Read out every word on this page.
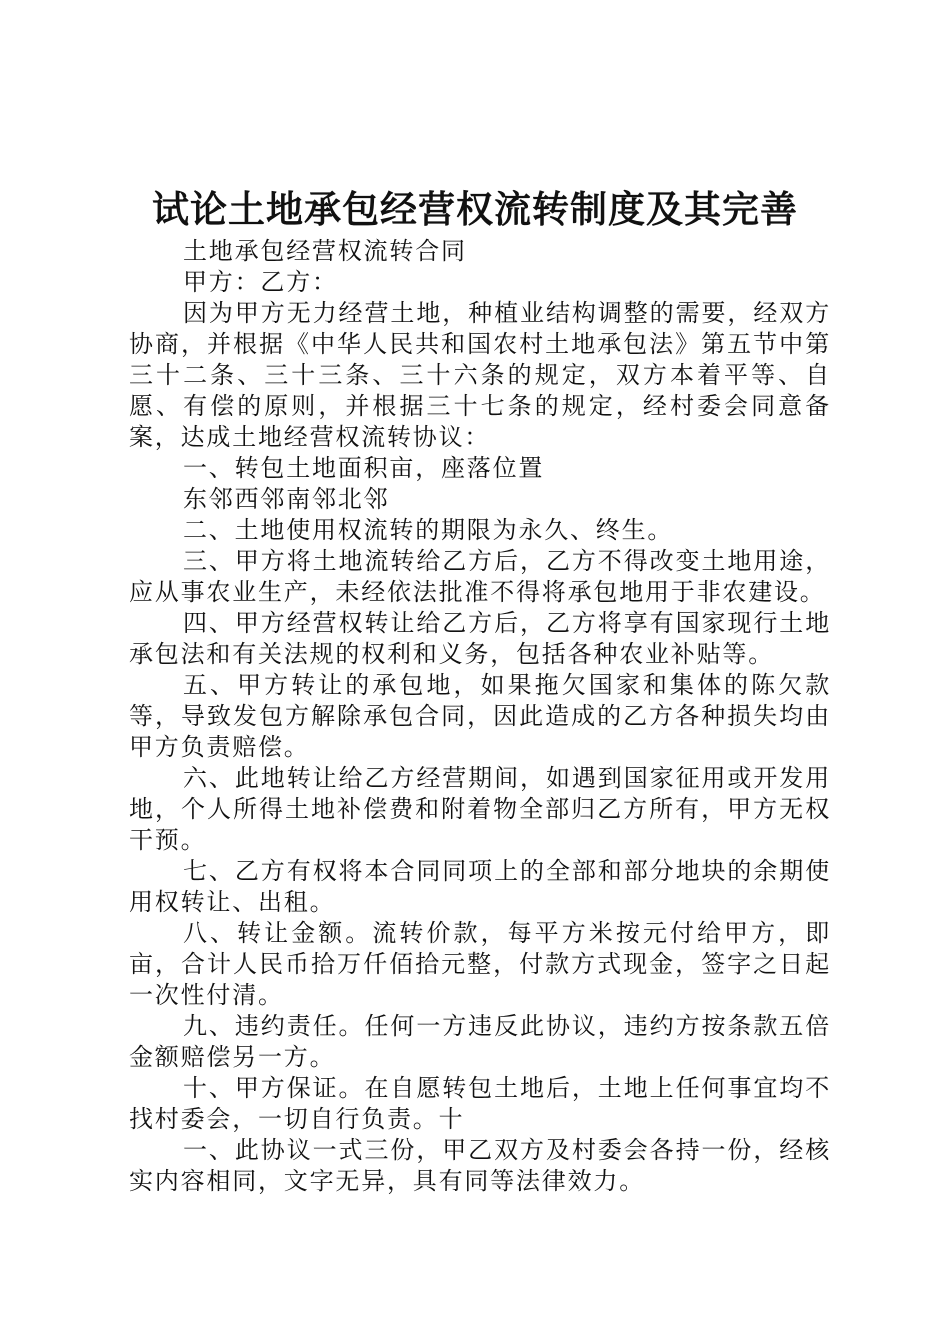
试论土地承包经营权流转制度及其完善

土地承包经营权流转合同

甲方：乙方：

因为甲方无力经营土地，种植业结构调整的需要，经双方协商，并根据《中华人民共和国农村土地承包法》第五节中第三十二条、三十三条、三十六条的规定，双方本着平等、自愿、有偿的原则，并根据三十七条的规定，经村委会同意备案，达成土地经营权流转协议：

一、转包土地面积亩，座落位置

东邻西邻南邻北邻

二、土地使用权流转的期限为永久、终生。

三、甲方将土地流转给乙方后，乙方不得改变土地用途，应从事农业生产，未经依法批准不得将承包地用于非农建设。

四、甲方经营权转让给乙方后，乙方将享有国家现行土地承包法和有关法规的权利和义务，包括各种农业补贴等。

五、甲方转让的承包地，如果拖欠国家和集体的陈欠款等，导致发包方解除承包合同，因此造成的乙方各种损失均由甲方负责赔偿。

六、此地转让给乙方经营期间，如遇到国家征用或开发用地，个人所得土地补偿费和附着物全部归乙方所有，甲方无权干预。

七、乙方有权将本合同同项上的全部和部分地块的余期使用权转让、出租。

八、转让金额。流转价款，每平方米按元付给甲方，即亩，合计人民币拾万仟佰拾元整，付款方式现金，签字之日起一次性付清。

九、违约责任。任何一方违反此协议，违约方按条款五倍金额赔偿另一方。

十、甲方保证。在自愿转包土地后，土地上任何事宜均不找村委会，一切自行负责。十

一、此协议一式三份，甲乙双方及村委会各持一份，经核实内容相同，文字无异，具有同等法律效力。
